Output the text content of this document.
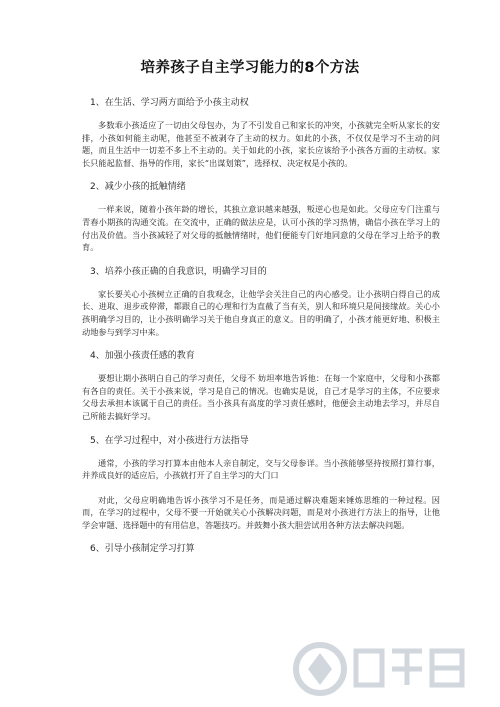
培养孩子自主学习能力的8个方法
1、在生活、学习两方面给予小孩主动权
多数乖小孩适应了一切由父母包办，为了不引发自己和家长的冲突，小孩就完全听从家长的安排，小孩如何能主动呢，他甚至不被剥夺了主动的权力。如此的小孩，不仅仅是学习不主动的问题，而且生活中一切差不多上不主动的。关于如此的小孩，家长应该给予小孩各方面的主动权。家长只能起监督、指导的作用，家长“出谋划策”，选择权、决定权是小孩的。
2、减少小孩的抵触情绪
一样来说，随着小孩年龄的增长，其独立意识越来越强，叛逆心也是如此。父母应专门注重与青春小期孩的沟通交流。在交流中，正确的做法应是，认可小孩的学习热情，确信小孩在学习上的付出及价值。当小孩减轻了对父母的抵触情绪时，他们便能专门好地同意的父母在学习上给予的教育。
3、培养小孩正确的自我意识，明确学习目的
家长要关心小孩树立正确的自我观念，让他学会关注自己的内心感受。让小孩明白得自己的成长、进取、退步或停滞，都跟自己的心理和行为直截了当有关，别人和环境只是间接缘故。关心小孩明确学习目的，让小孩明确学习关于他自身真正的意义。目的明确了，小孩才能更好地、积极主动地参与到学习中来。
4、加强小孩责任感的教育
要想让期小孩明白自己的学习责任，父母不 妨坦率地告诉他：在每一个家庭中，父母和小孩都有各自的责任。关于小孩来说，学习是自己的情况。也确实是说，自己才是学习的主体，不应要求父母去承担本该属于自己的责任。当小孩具有高度的学习责任感时，他便会主动地去学习，并尽自己所能去搞好学习。
5、在学习过程中，对小孩进行方法指导
通常，小孩的学习打算本由他本人亲自制定，交与父母参详。当小孩能够坚持按照打算行事，并养成良好的适应后，小孩就打开了自主学习的大门口
对此，父母应明确地告诉小孩学习不是任务，而是通过解决难题来锤炼思维的一种过程。因而，在学习的过程中，父母不要一开始就关心小孩解决问题，而是对小孩进行方法上的指导，让他学会审题、选择题中的有用信息，答题技巧。并鼓舞小孩大胆尝试用各种方法去解决问题。
6、引导小孩制定学习打算
